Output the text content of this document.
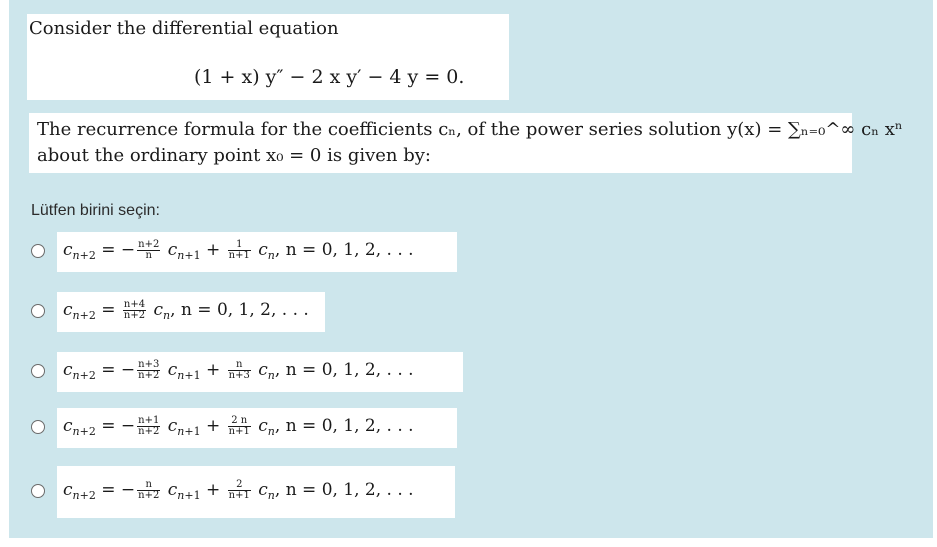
Consider the differential equation
(1 + x) y″ − 2 x y′ − 4 y = 0.
The recurrence formula for the coefficients cₙ, of the power series solution y(x) = ∑ₙ₌₀^∞ cₙ xⁿ
about the ordinary point x₀ = 0 is given by:
Lütfen birini seçin:
$c_{n+2}$ = − $\frac{n+2}{n} c_{n+1} + \frac{1}{n+1} c_n$, n = 0, 1, 2, . . .
$c_{n+2} = \frac{n+4}{n+2} c_n$, n = 0, 1, 2, . . .
$c_{n+2}$ = − $\frac{n+3}{n+2} c_{n+1} + \frac{n}{n+3} c_n$, n = 0, 1, 2, . . .
$c_{n+2}$ = − $\frac{n+1}{n+2} c_{n+1} + \frac{2 n}{n+1} c_n$, n = 0, 1, 2, . . .
$c_{n+2}$ = − $\frac{n}{n+2} c_{n+1} + \frac{2}{n+1} c_n$, n = 0, 1, 2, . . .
